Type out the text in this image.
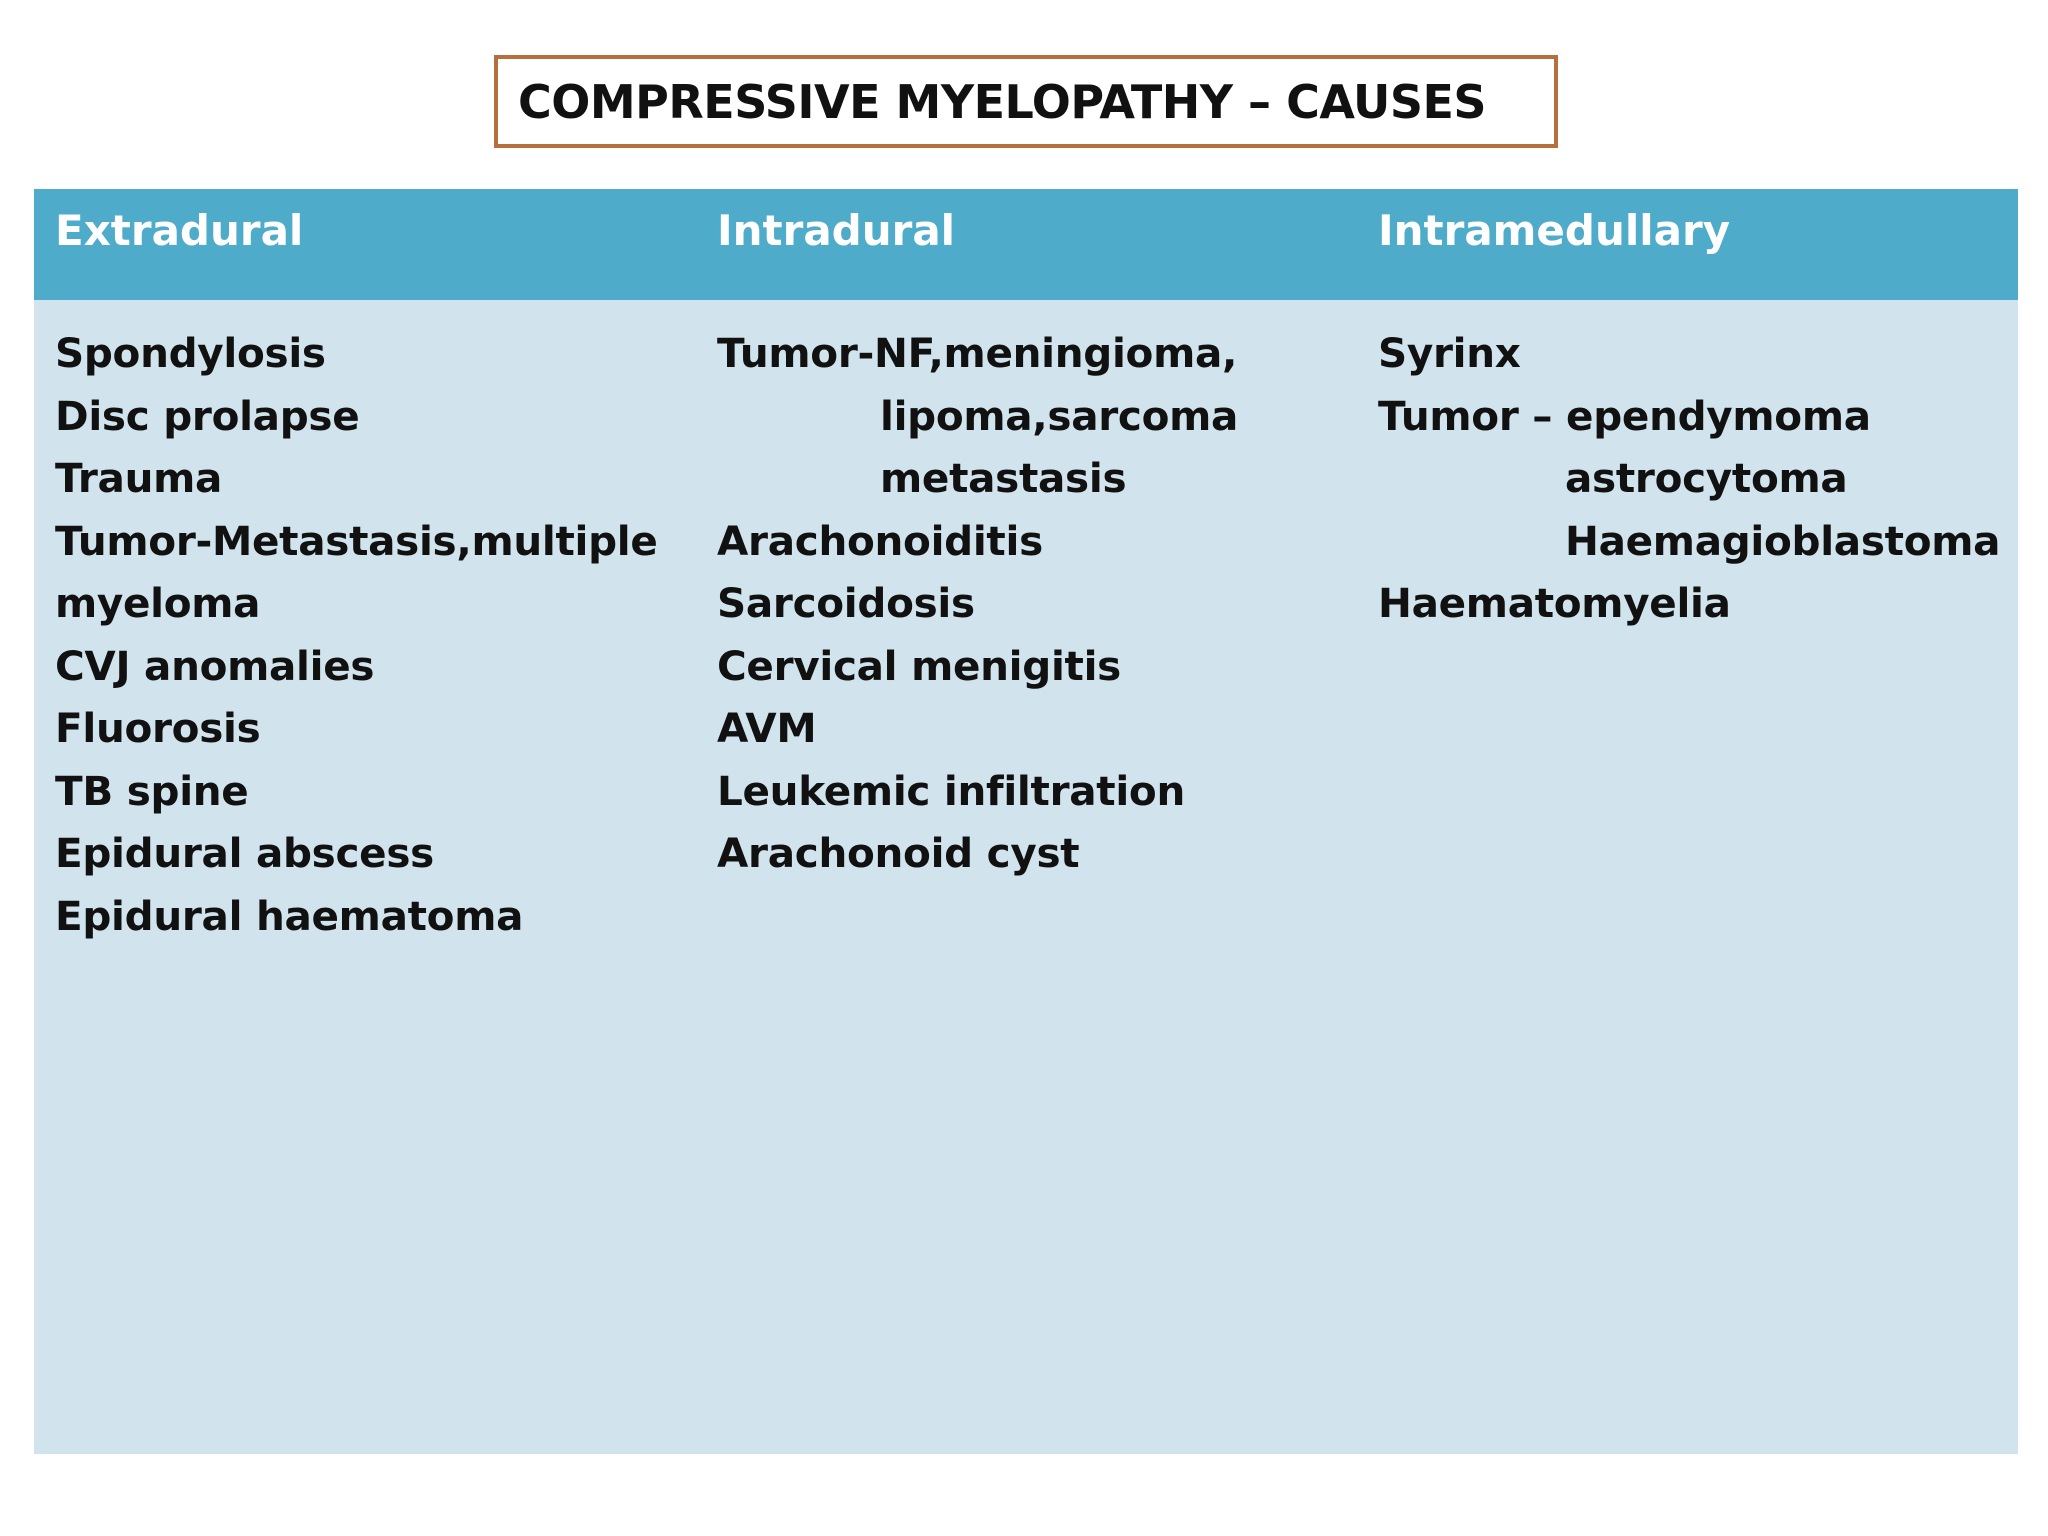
COMPRESSIVE MYELOPATHY – CAUSES
Extradural	Intradural	Intramedullary
Spondylosis
Disc prolapse
Trauma
Tumor-Metastasis,multiple
myeloma
CVJ anomalies
Fluorosis
TB spine
Epidural abscess
Epidural haematoma
Tumor-NF,meningioma,
lipoma,sarcoma
metastasis
Arachonoiditis
Sarcoidosis
Cervical menigitis
AVM
Leukemic infiltration
Arachonoid cyst
Syrinx
Tumor – ependymoma
astrocytoma
Haemagioblastoma
Haematomyelia
